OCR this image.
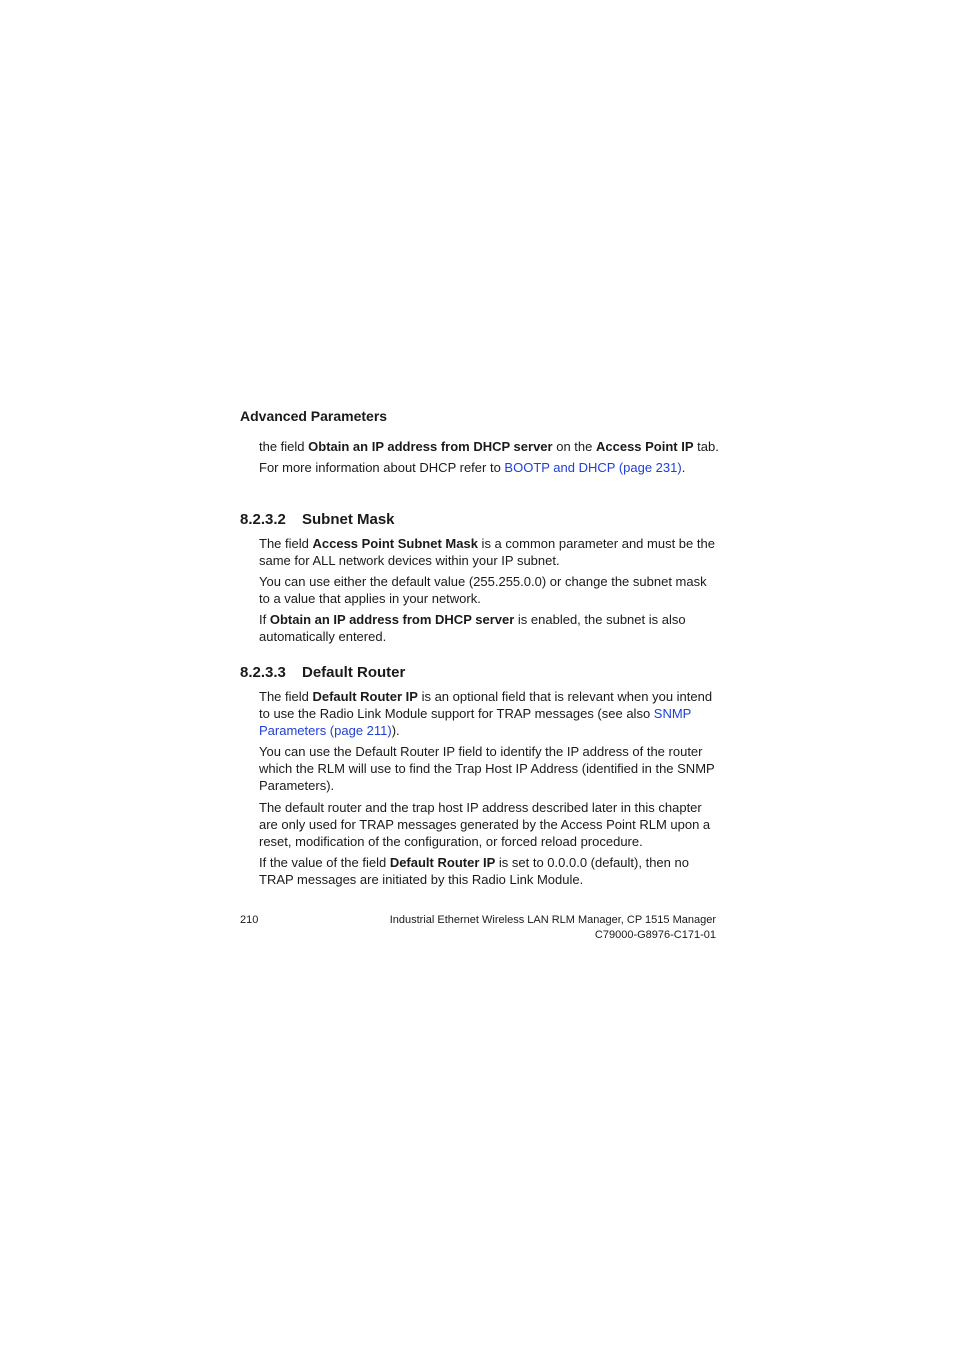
Advanced Parameters

the field Obtain an IP address from DHCP server on the Access Point IP tab.

For more information about DHCP refer to BOOTP and DHCP (page 231).

8.2.3.2 Subnet Mask

The field Access Point Subnet Mask is a common parameter and must be the same for ALL network devices within your IP subnet.

You can use either the default value (255.255.0.0) or change the subnet mask to a value that applies in your network.

If Obtain an IP address from DHCP server is enabled, the subnet is also automatically entered.

8.2.3.3 Default Router

The field Default Router IP is an optional field that is relevant when you intend to use the Radio Link Module support for TRAP messages (see also SNMP Parameters (page 211)).

You can use the Default Router IP field to identify the IP address of the router which the RLM will use to find the Trap Host IP Address (identified in the SNMP Parameters).

The default router and the trap host IP address described later in this chapter are only used for TRAP messages generated by the Access Point RLM upon a reset, modification of the configuration, or forced reload procedure.

If the value of the field Default Router IP is set to 0.0.0.0 (default), then no TRAP messages are initiated by this Radio Link Module.

210	Industrial Ethernet Wireless LAN RLM Manager, CP 1515 Manager
C79000-G8976-C171-01
